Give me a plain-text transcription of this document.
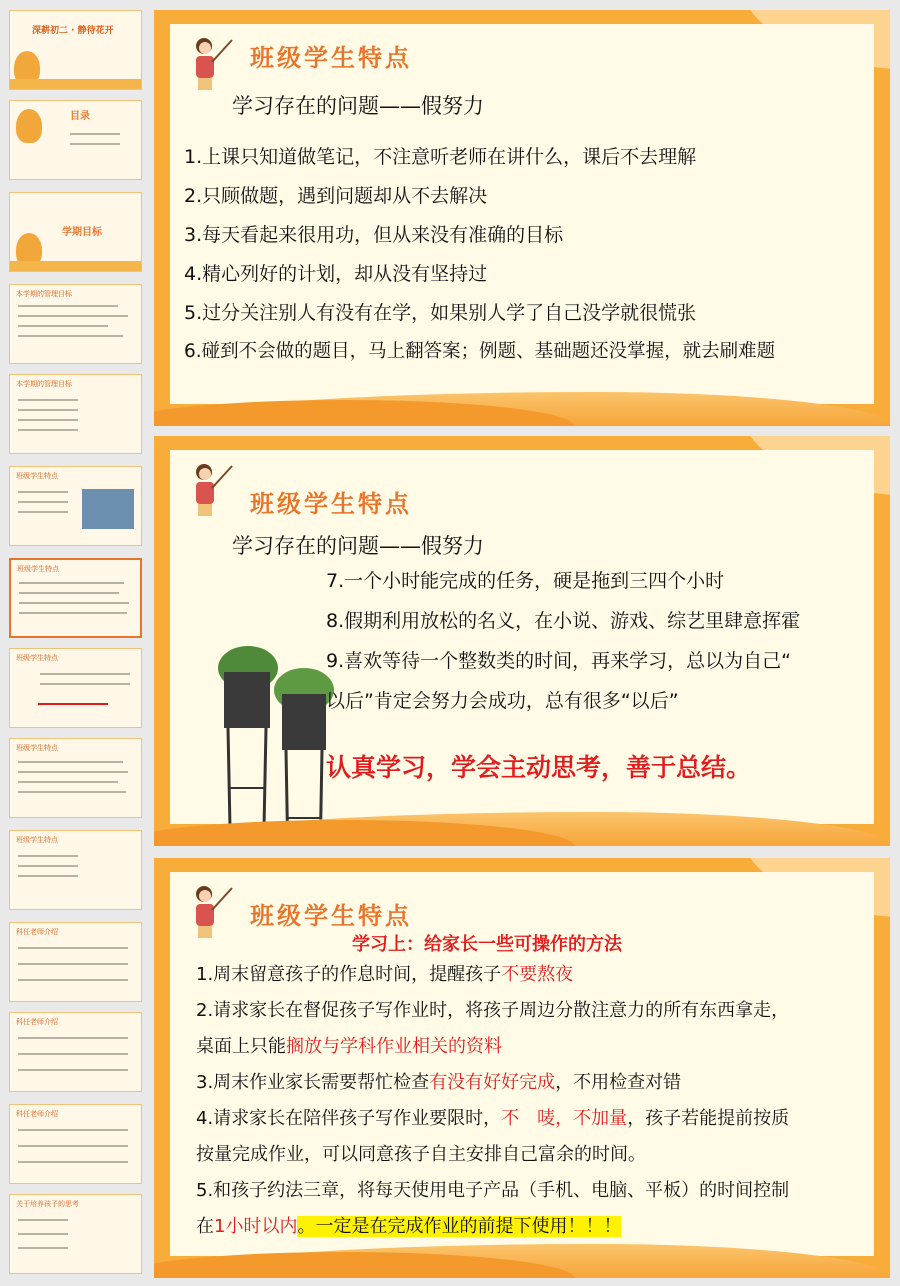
深耕初二 · 静待花开
目录
学期目标
本学期的管理目标
本学期的管理目标
班级学生特点
班级学生特点
班级学生特点
班级学生特点
班级学生特点
科任老师介绍
科任老师介绍
科任老师介绍
关于培养孩子的思考
班级学生特点
学习存在的问题——假努力
1.上课只知道做笔记，不注意听老师在讲什么，课后不去理解
2.只顾做题，遇到问题却从不去解决
3.每天看起来很用功，但从来没有准确的目标
4.精心列好的计划，却从没有坚持过
5.过分关注别人有没有在学，如果别人学了自己没学就很慌张
6.碰到不会做的题目，马上翻答案；例题、基础题还没掌握，就去刷难题
班级学生特点
学习存在的问题——假努力
7.一个小时能完成的任务，硬是拖到三四个小时
8.假期利用放松的名义，在小说、游戏、综艺里肆意挥霍
9.喜欢等待一个整数类的时间，再来学习，总以为自己“
以后”肯定会努力会成功，总有很多“以后”
认真学习，学会主动思考，善于总结。
班级学生特点
学习上：给家长一些可操作的方法
1.周末留意孩子的作息时间，提醒孩子不要熬夜
2.请求家长在督促孩子写作业时，将孩子周边分散注意力的所有东西拿走，
桌面上只能搁放与学科作业相关的资料
3.周末作业家长需要帮忙检查有没有好好完成，不用检查对错
4.请求家长在陪伴孩子写作业要限时，不　唛，不加量，孩子若能提前按质
按量完成作业，可以同意孩子自主安排自己富余的时间。
5.和孩子约法三章，将每天使用电子产品（手机、电脑、平板）的时间控制
在1小时以内。一定是在完成作业的前提下使用！！！
